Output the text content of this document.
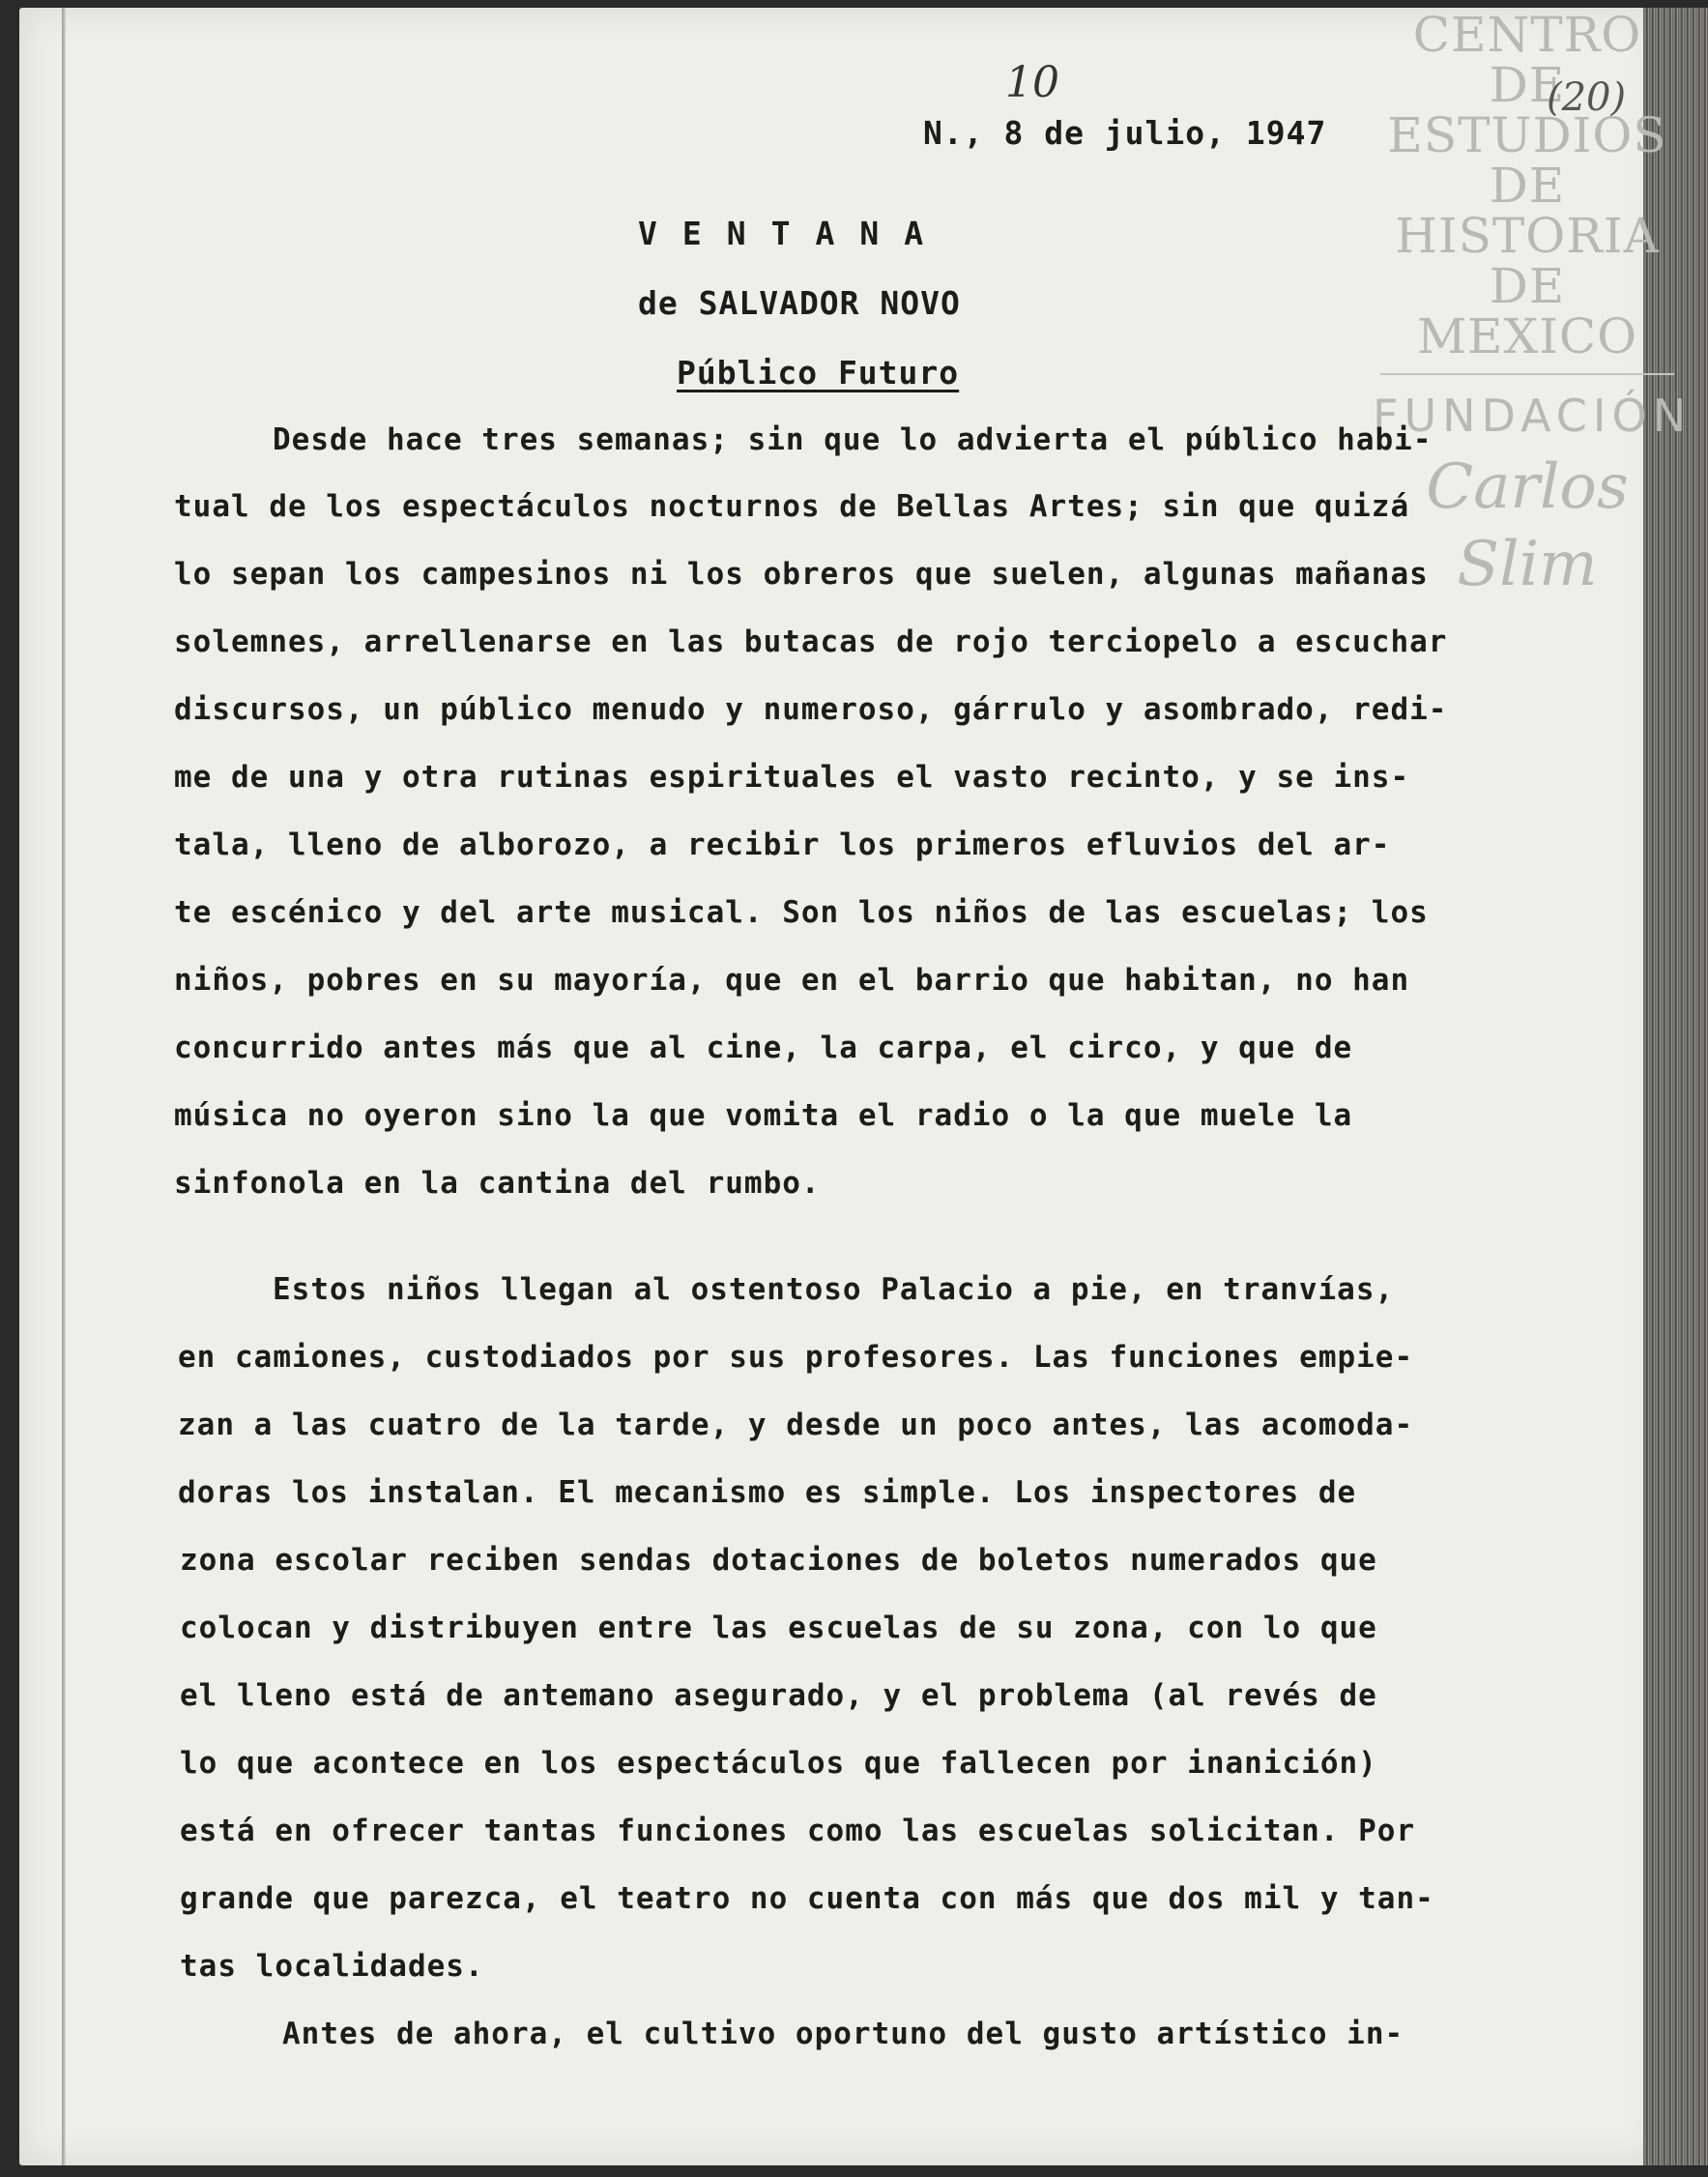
CENTRO DE
ESTUDIOS
DE HISTORIA
DE MEXICO
FUNDACIÓN
Carlos Slim
10	(20)
N., 8 de julio, 1947
VENTANA
de SALVADOR NOVO
Público Futuro
Desde hace tres semanas; sin que lo advierta el público habi-
tual de los espectáculos nocturnos de Bellas Artes; sin que quizá
lo sepan los campesinos ni los obreros que suelen, algunas mañanas
solemnes, arrellenarse en las butacas de rojo terciopelo a escuchar
discursos, un público menudo y numeroso, gárrulo y asombrado, redi-
me de una y otra rutinas espirituales el vasto recinto, y se ins-
tala, lleno de alborozo, a recibir los primeros efluvios del ar-
te escénico y del arte musical. Son los niños de las escuelas; los
niños, pobres en su mayoría, que en el barrio que habitan, no han
concurrido antes más que al cine, la carpa, el circo, y que de
música no oyeron sino la que vomita el radio o la que muele la
sinfonola en la cantina del rumbo.
Estos niños llegan al ostentoso Palacio a pie, en tranvías,
en camiones, custodiados por sus profesores. Las funciones empie-
zan a las cuatro de la tarde, y desde un poco antes, las acomoda-
doras los instalan. El mecanismo es simple. Los inspectores de
zona escolar reciben sendas dotaciones de boletos numerados que
colocan y distribuyen entre las escuelas de su zona, con lo que
el lleno está de antemano asegurado, y el problema (al revés de
lo que acontece en los espectáculos que fallecen por inanición)
está en ofrecer tantas funciones como las escuelas solicitan. Por
grande que parezca, el teatro no cuenta con más que dos mil y tan-
tas localidades.
Antes de ahora, el cultivo oportuno del gusto artístico in-
